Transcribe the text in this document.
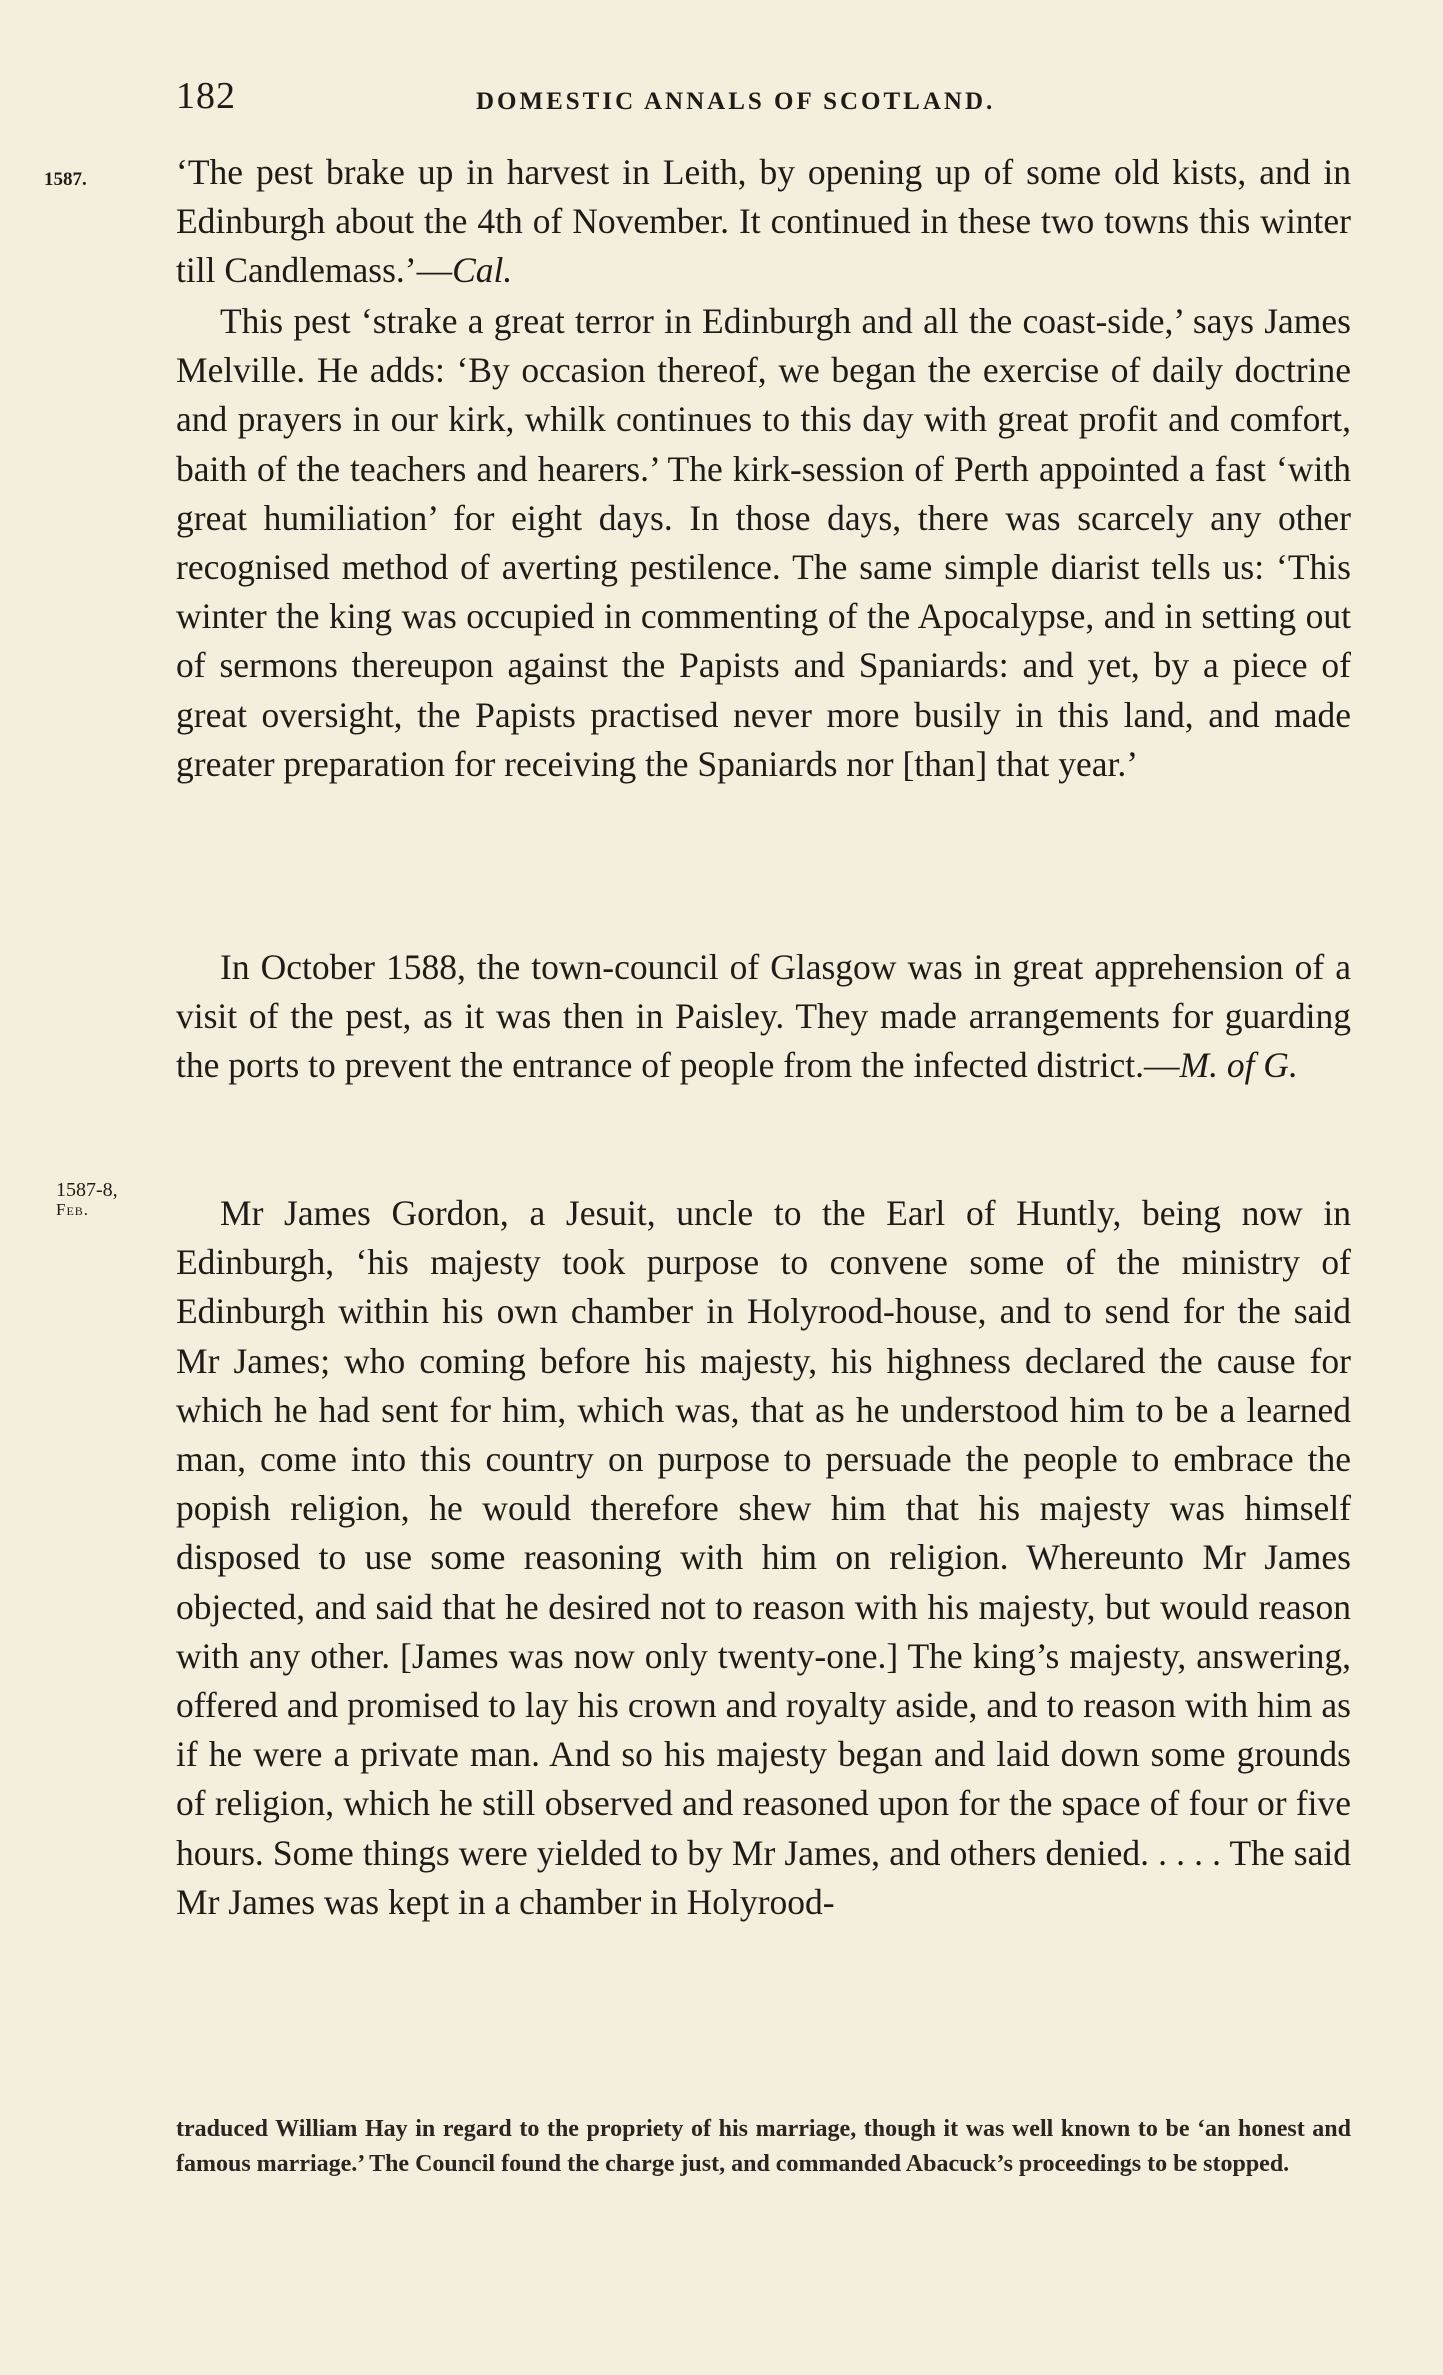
182	DOMESTIC ANNALS OF SCOTLAND.
1587.
1587-8,
Feb.

‘The pest brake up in harvest in Leith, by opening up of some old kists, and in Edinburgh about the 4th of November. It continued in these two towns this winter till Candlemass.’—Cal.

This pest ‘strake a great terror in Edinburgh and all the coast-side,’ says James Melville. He adds: ‘By occasion thereof, we began the exercise of daily doctrine and prayers in our kirk, whilk continues to this day with great profit and comfort, baith of the teachers and hearers.’ The kirk-session of Perth appointed a fast ‘with great humiliation’ for eight days. In those days, there was scarcely any other recognised method of averting pestilence. The same simple diarist tells us: ‘This winter the king was occupied in commenting of the Apocalypse, and in setting out of sermons thereupon against the Papists and Spaniards: and yet, by a piece of great oversight, the Papists practised never more busily in this land, and made greater preparation for receiving the Spaniards nor [than] that year.’

In October 1588, the town-council of Glasgow was in great apprehension of a visit of the pest, as it was then in Paisley. They made arrangements for guarding the ports to prevent the entrance of people from the infected district.—M. of G.

Mr James Gordon, a Jesuit, uncle to the Earl of Huntly, being now in Edinburgh, ‘his majesty took purpose to convene some of the ministry of Edinburgh within his own chamber in Holyrood-house, and to send for the said Mr James; who coming before his majesty, his highness declared the cause for which he had sent for him, which was, that as he understood him to be a learned man, come into this country on purpose to persuade the people to embrace the popish religion, he would therefore shew him that his majesty was himself disposed to use some reasoning with him on religion. Whereunto Mr James objected, and said that he desired not to reason with his majesty, but would reason with any other. [James was now only twenty-one.] The king’s majesty, answering, offered and promised to lay his crown and royalty aside, and to reason with him as if he were a private man. And so his majesty began and laid down some grounds of religion, which he still observed and reasoned upon for the space of four or five hours. Some things were yielded to by Mr James, and others denied. . . . . The said Mr James was kept in a chamber in Holyrood-

traduced William Hay in regard to the propriety of his marriage, though it was well known to be ‘an honest and famous marriage.’ The Council found the charge just, and commanded Abacuck’s proceedings to be stopped.
